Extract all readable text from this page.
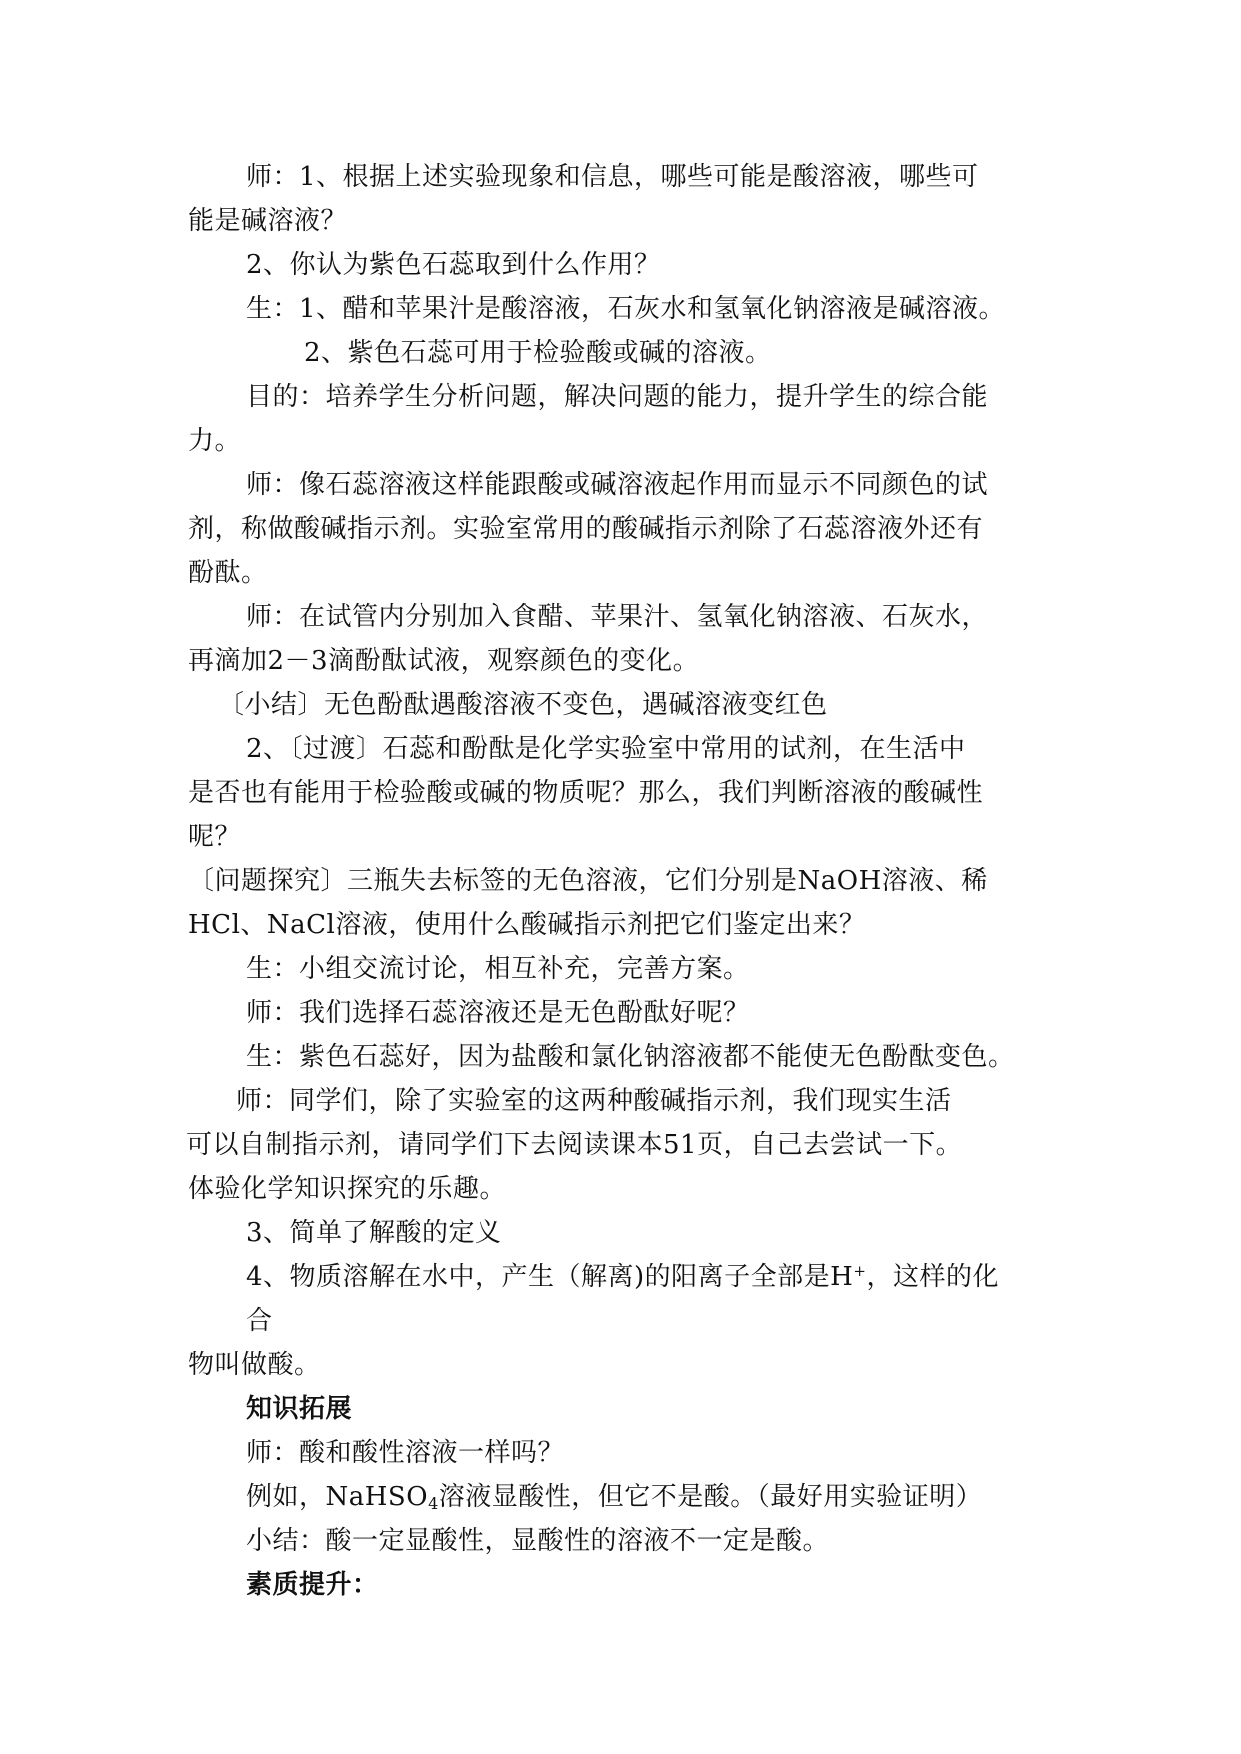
师：1、根据上述实验现象和信息，哪些可能是酸溶液，哪些可
能是碱溶液？
2、你认为紫色石蕊取到什么作用？
生：1、醋和苹果汁是酸溶液，石灰水和氢氧化钠溶液是碱溶液。
2、紫色石蕊可用于检验酸或碱的溶液。
目的：培养学生分析问题，解决问题的能力，提升学生的综合能
力。
师：像石蕊溶液这样能跟酸或碱溶液起作用而显示不同颜色的试
剂，称做酸碱指示剂。实验室常用的酸碱指示剂除了石蕊溶液外还有
酚酞。
师：在试管内分别加入食醋、苹果汁、氢氧化钠溶液、石灰水，
再滴加2－3滴酚酞试液，观察颜色的变化。
〔小结〕无色酚酞遇酸溶液不变色，遇碱溶液变红色
2、〔过渡〕石蕊和酚酞是化学实验室中常用的试剂，在生活中
是否也有能用于检验酸或碱的物质呢？那么，我们判断溶液的酸碱性
呢？
〔问题探究〕三瓶失去标签的无色溶液，它们分别是NaOH溶液、稀
HCl、NaCl溶液，使用什么酸碱指示剂把它们鉴定出来？
生：小组交流讨论，相互补充，完善方案。
师：我们选择石蕊溶液还是无色酚酞好呢？
生：紫色石蕊好，因为盐酸和氯化钠溶液都不能使无色酚酞变色。
师：同学们，除了实验室的这两种酸碱指示剂，我们现实生活
可以自制指示剂，请同学们下去阅读课本51页，自己去尝试一下。
体验化学知识探究的乐趣。
3、简单了解酸的定义
4、物质溶解在水中，产生（解离)的阳离子全部是H+，这样的化
合
物叫做酸。
知识拓展
师：酸和酸性溶液一样吗？
例如，NaHSO$_4$溶液显酸性，但它不是酸。（最好用实验证明）
小结：酸一定显酸性，显酸性的溶液不一定是酸。
素质提升：
